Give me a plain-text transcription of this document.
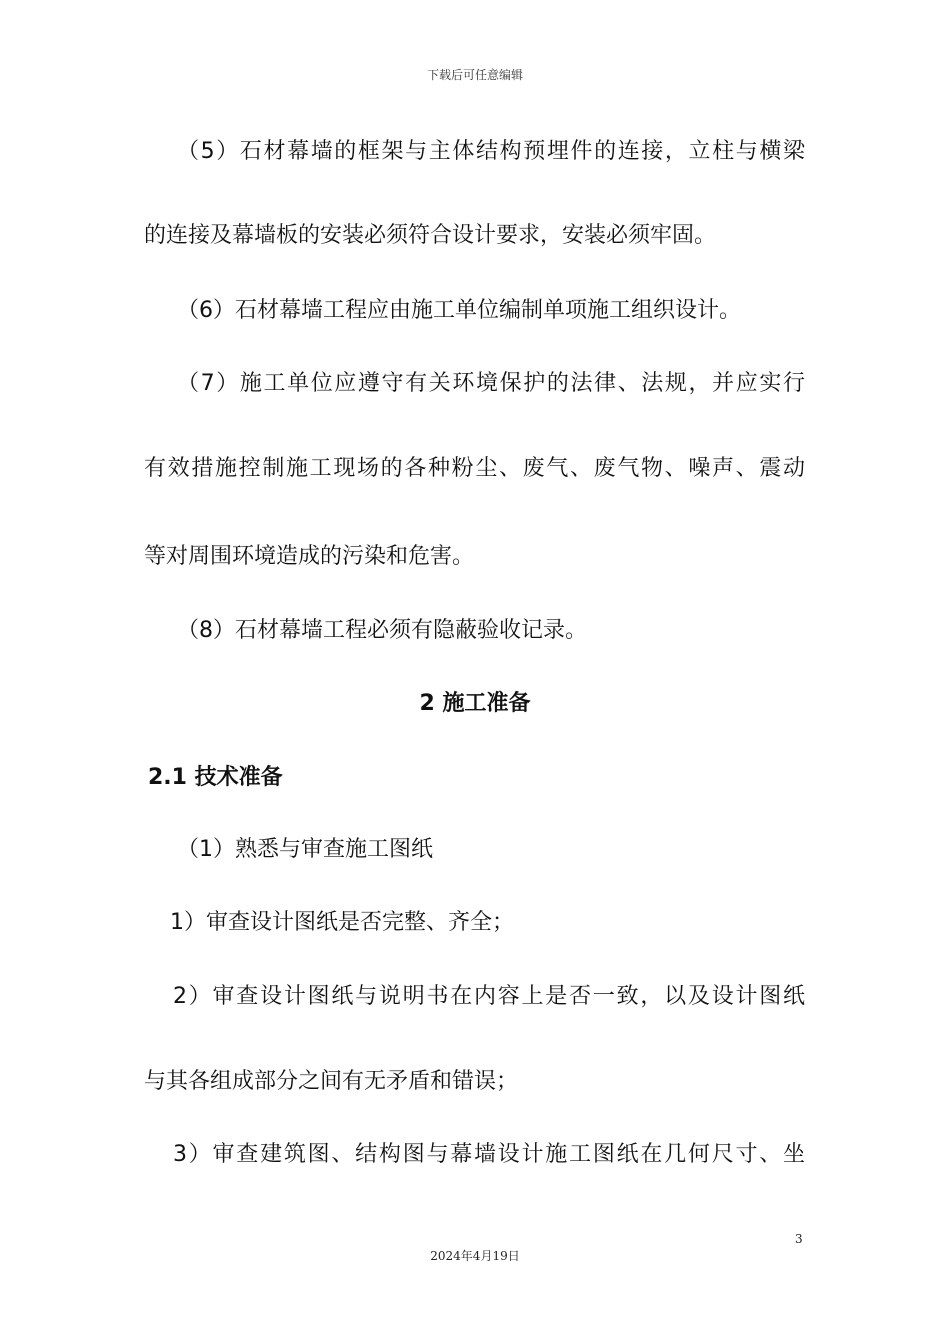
下载后可任意编辑
（5）石材幕墙的框架与主体结构预埋件的连接，立柱与横梁
的连接及幕墙板的安装必须符合设计要求，安装必须牢固。
（6）石材幕墙工程应由施工单位编制单项施工组织设计。
（7）施工单位应遵守有关环境保护的法律、法规，并应实行
有效措施控制施工现场的各种粉尘、废气、废气物、噪声、震动
等对周围环境造成的污染和危害。
（8）石材幕墙工程必须有隐蔽验收记录。
2 施工准备
2.1 技术准备
（1）熟悉与审查施工图纸
1）审查设计图纸是否完整、齐全；
2）审查设计图纸与说明书在内容上是否一致，以及设计图纸
与其各组成部分之间有无矛盾和错误；
3）审查建筑图、结构图与幕墙设计施工图纸在几何尺寸、坐
3
2024年4月19日
